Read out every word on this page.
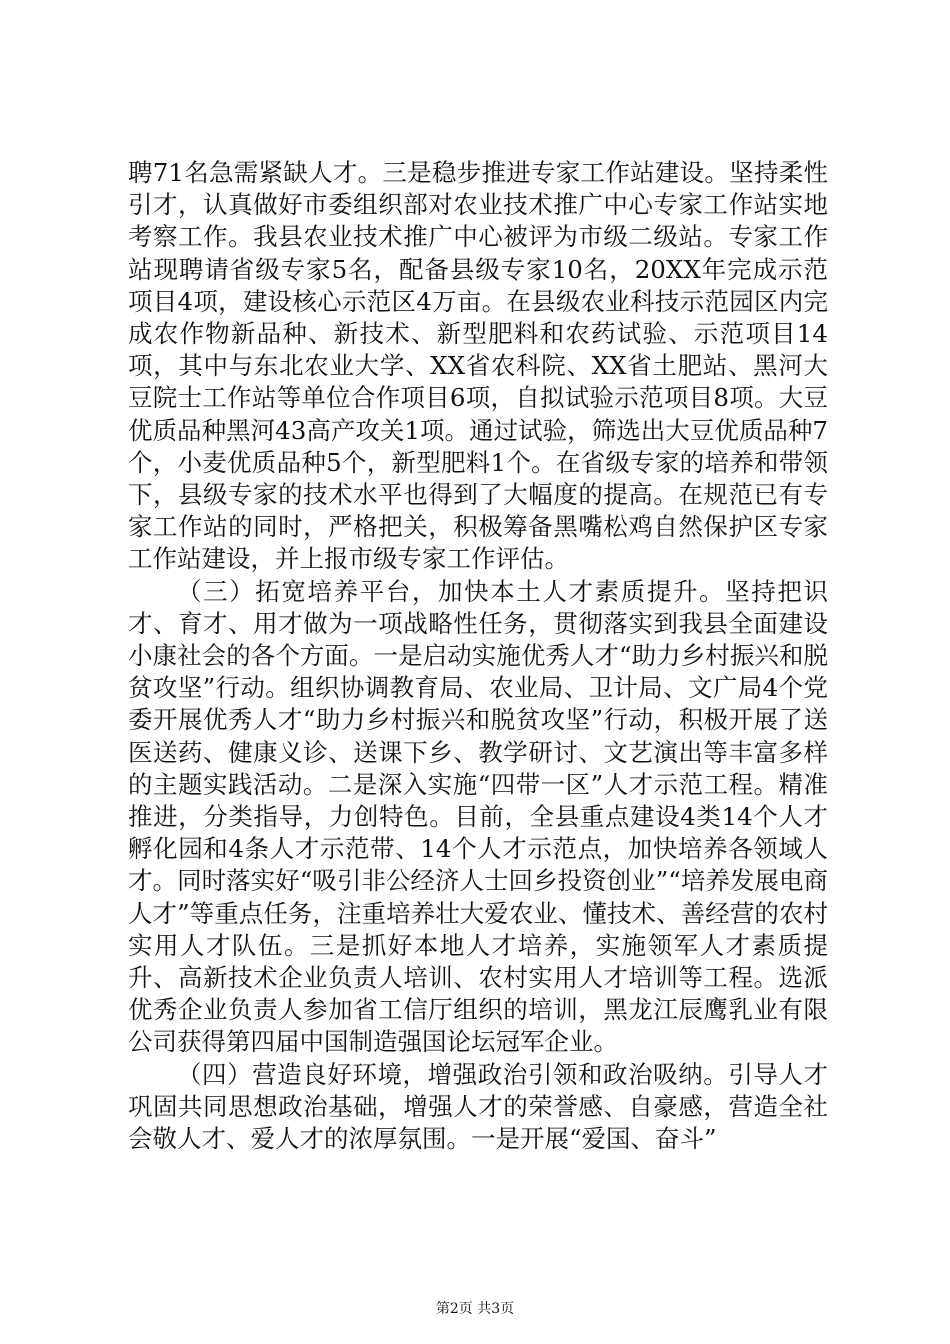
聘71名急需紧缺人才。三是稳步推进专家工作站建设。坚持柔性引才，认真做好市委组织部对农业技术推广中心专家工作站实地考察工作。我县农业技术推广中心被评为市级二级站。专家工作站现聘请省级专家5名，配备县级专家10名，20XX年完成示范项目4项，建设核心示范区4万亩。在县级农业科技示范园区内完成农作物新品种、新技术、新型肥料和农药试验、示范项目14项，其中与东北农业大学、XX省农科院、XX省土肥站、黑河大豆院士工作站等单位合作项目6项，自拟试验示范项目8项。大豆优质品种黑河43高产攻关1项。通过试验，筛选出大豆优质品种7个，小麦优质品种5个，新型肥料1个。在省级专家的培养和带领下，县级专家的技术水平也得到了大幅度的提高。在规范已有专家工作站的同时，严格把关，积极筹备黑嘴松鸡自然保护区专家工作站建设，并上报市级专家工作评估。

（三）拓宽培养平台，加快本土人才素质提升。坚持把识才、育才、用才做为一项战略性任务，贯彻落实到我县全面建设小康社会的各个方面。一是启动实施优秀人才“助力乡村振兴和脱贫攻坚”行动。组织协调教育局、农业局、卫计局、文广局4个党委开展优秀人才“助力乡村振兴和脱贫攻坚”行动，积极开展了送医送药、健康义诊、送课下乡、教学研讨、文艺演出等丰富多样的主题实践活动。二是深入实施“四带一区”人才示范工程。精准推进，分类指导，力创特色。目前，全县重点建设4类14个人才孵化园和4条人才示范带、14个人才示范点，加快培养各领域人才。同时落实好“吸引非公经济人士回乡投资创业”“培养发展电商人才”等重点任务，注重培养壮大爱农业、懂技术、善经营的农村实用人才队伍。三是抓好本地人才培养，实施领军人才素质提升、高新技术企业负责人培训、农村实用人才培训等工程。选派优秀企业负责人参加省工信厅组织的培训，黑龙江辰鹰乳业有限公司获得第四届中国制造强国论坛冠军企业。

（四）营造良好环境，增强政治引领和政治吸纳。引导人才巩固共同思想政治基础，增强人才的荣誉感、自豪感，营造全社会敬人才、爱人才的浓厚氛围。一是开展“爱国、奋斗”

第2页 共3页
